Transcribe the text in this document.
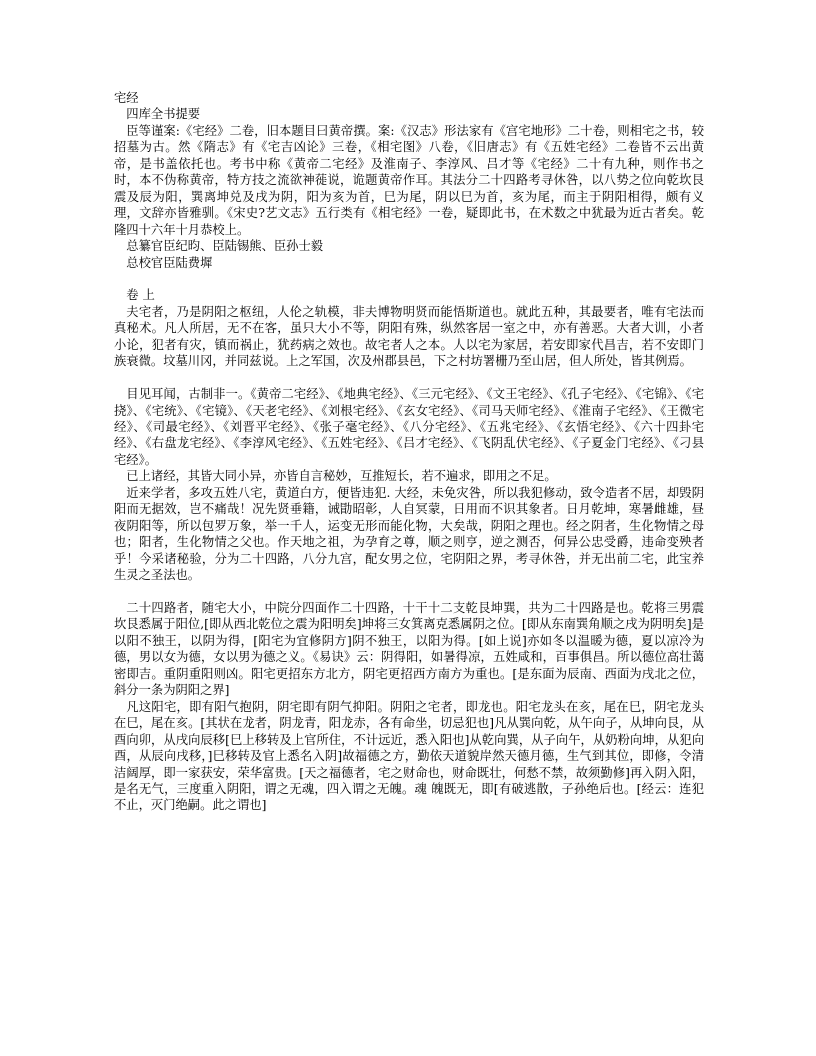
宅经

四库全书提要

臣等谨案:《宅经》二卷，旧本题目曰黄帝撰。案:《汉志》形法家有《宫宅地形》二十卷，则相宅之书，较招墓为古。然《隋志》有《宅吉凶论》三卷，《相宅图》八卷，《旧唐志》有《五姓宅经》二卷皆不云出黄帝，是书盖依托也。考书中称《黄帝二宅经》及淮南子、李淳风、吕才等《宅经》二十有九种，则作书之时，本不伪称黄帝，特方技之流欲神蓰说，诡题黄帝作耳。其法分二十四路考寻休咎，以八势之位向乾坎艮震及辰为阳，巽离坤兑及戌为阴，阳为亥为首，巳为尾，阴以巳为首，亥为尾，而主于阴阳相得，颇有义理，文辞亦皆雅驯。《宋史?艺文志》五行类有《相宅经》一卷，疑即此书，在术数之中犹最为近古者矣。乾隆四十六年十月恭校上。

总纂官臣纪昀、臣陆锡熊、臣孙士毅

总校官臣陆费墀

卷 上

夫宅者，乃是阴阳之枢纽，人伦之轨模，非夫博物明贤而能悟斯道也。就此五种，其最要者，唯有宅法而真秘术。凡人所居，无不在客，虽只大小不等，阴阳有殊，纵然客居一室之中，亦有善恶。大者大训，小者小论，犯者有灾，镇而祸止，犹药病之效也。故宅者人之本。人以宅为家居，若安即家代昌吉，若不安即门族衰微。坟墓川冈，并同兹说。上之军国，次及州郡县邑，下之村坊署栅乃至山居，但人所处，皆其例焉。

目见耳闻，古制非一。《黄帝二宅经》、《地典宅经》、《三元宅经》、《文王宅经》、《孔子宅经》、《宅锦》、《宅挠》、《宅统》、《宅镜》、《天老宅经》、《刘根宅经》、《玄女宅经》、《司马天师宅经》、《淮南子宅经》、《王微宅经》、《司最宅经》、《刘晋平宅经》、《张子毫宅经》、《八分宅经》、《五兆宅经》、《玄悟宅经》、《六十四卦宅经》、《右盘龙宅经》、《李淳风宅经》、《五姓宅经》、《吕才宅经》、《飞阴乱伏宅经》、《子夏金门宅经》、《刁县宅经》。

已上诸经，其皆大同小异，亦皆自言秘妙，互推短长，若不遍求，即用之不足。

近来学者，多攻五姓八宅，黄道白方，便皆违犯. 大经，未免灾咎，所以我犯修动，致令造者不居，却毁阴阳而无据效，岂不痛哉！况先贤垂籍，诫勖昭彰，人自冥蒙，日用而不识其象者。日月乾坤，寒暑雌雄，昼夜阴阳等，所以包罗万象，举一千人，运变无形而能化物，大矣哉，阴阳之理也。经之阴者，生化物情之母也；阳者，生化物情之父也。作天地之祖，为孕育之尊，顺之则亨，逆之测否，何异公忠受爵，违命变殃者乎！今采诸秘验，分为二十四路，八分九宫，配女男之位，宅阴阳之界，考寻休咎，并无出前二宅，此宝养生灵之圣法也。

二十四路者，随宅大小，中院分四面作二十四路，十干十二支乾艮坤巽，共为二十四路是也。乾将三男震坎艮悉属于阳位,[即从西北乾位之震为阳明矣]坤将三女箕离克悉属阴之位。[即从东南巽角顺之戌为阴明矣]是以阳不独王，以阴为得，[阳宅为宜修阴方]阴不独王，以阳为得。[如上说]亦如冬以温暖为德，夏以凉冷为德，男以女为德，女以男为德之义。《易诀》云：阴得阳，如暑得凉，五姓咸和，百事俱昌。所以德位高壮蔼密即吉。重阴重阳则凶。阳宅更招东方北方，阴宅更招西方南方为重也。[是东面为辰南、西面为戌北之位，斜分一条为阴阳之界]

凡这阳宅，即有阳气抱阴，阴宅即有阴气抑阳。阴阳之宅者，即龙也。阳宅龙头在亥，尾在巳，阴宅龙头在巳，尾在亥。[其状在龙者，阴龙青，阳龙赤，各有命坐，切忌犯也]凡从巽向乾，从午向子，从坤向艮，从酉向卯，从戌向辰移[巳上移转及上官所住，不计远近，悉入阳也]从乾向巽，从子向午，从奶粉向坤，从犯向酉，从辰向戌移，]巳移转及官上悉名入阴]故福德之方，勤依天道貌岸然天德月德，生气到其位，即修，令清洁阔厚，即一家获安，荣华富贵。[天之福德者，宅之财命也，财命既壮，何愁不禁，故须勤修]再入阴入阳，是名无气，三度重入阴阳，谓之无魂，四入谓之无魄。魂 魄既无，即[有破逃散，子孙绝后也。[经云：连犯不止，灭门绝嗣。此之谓也]
